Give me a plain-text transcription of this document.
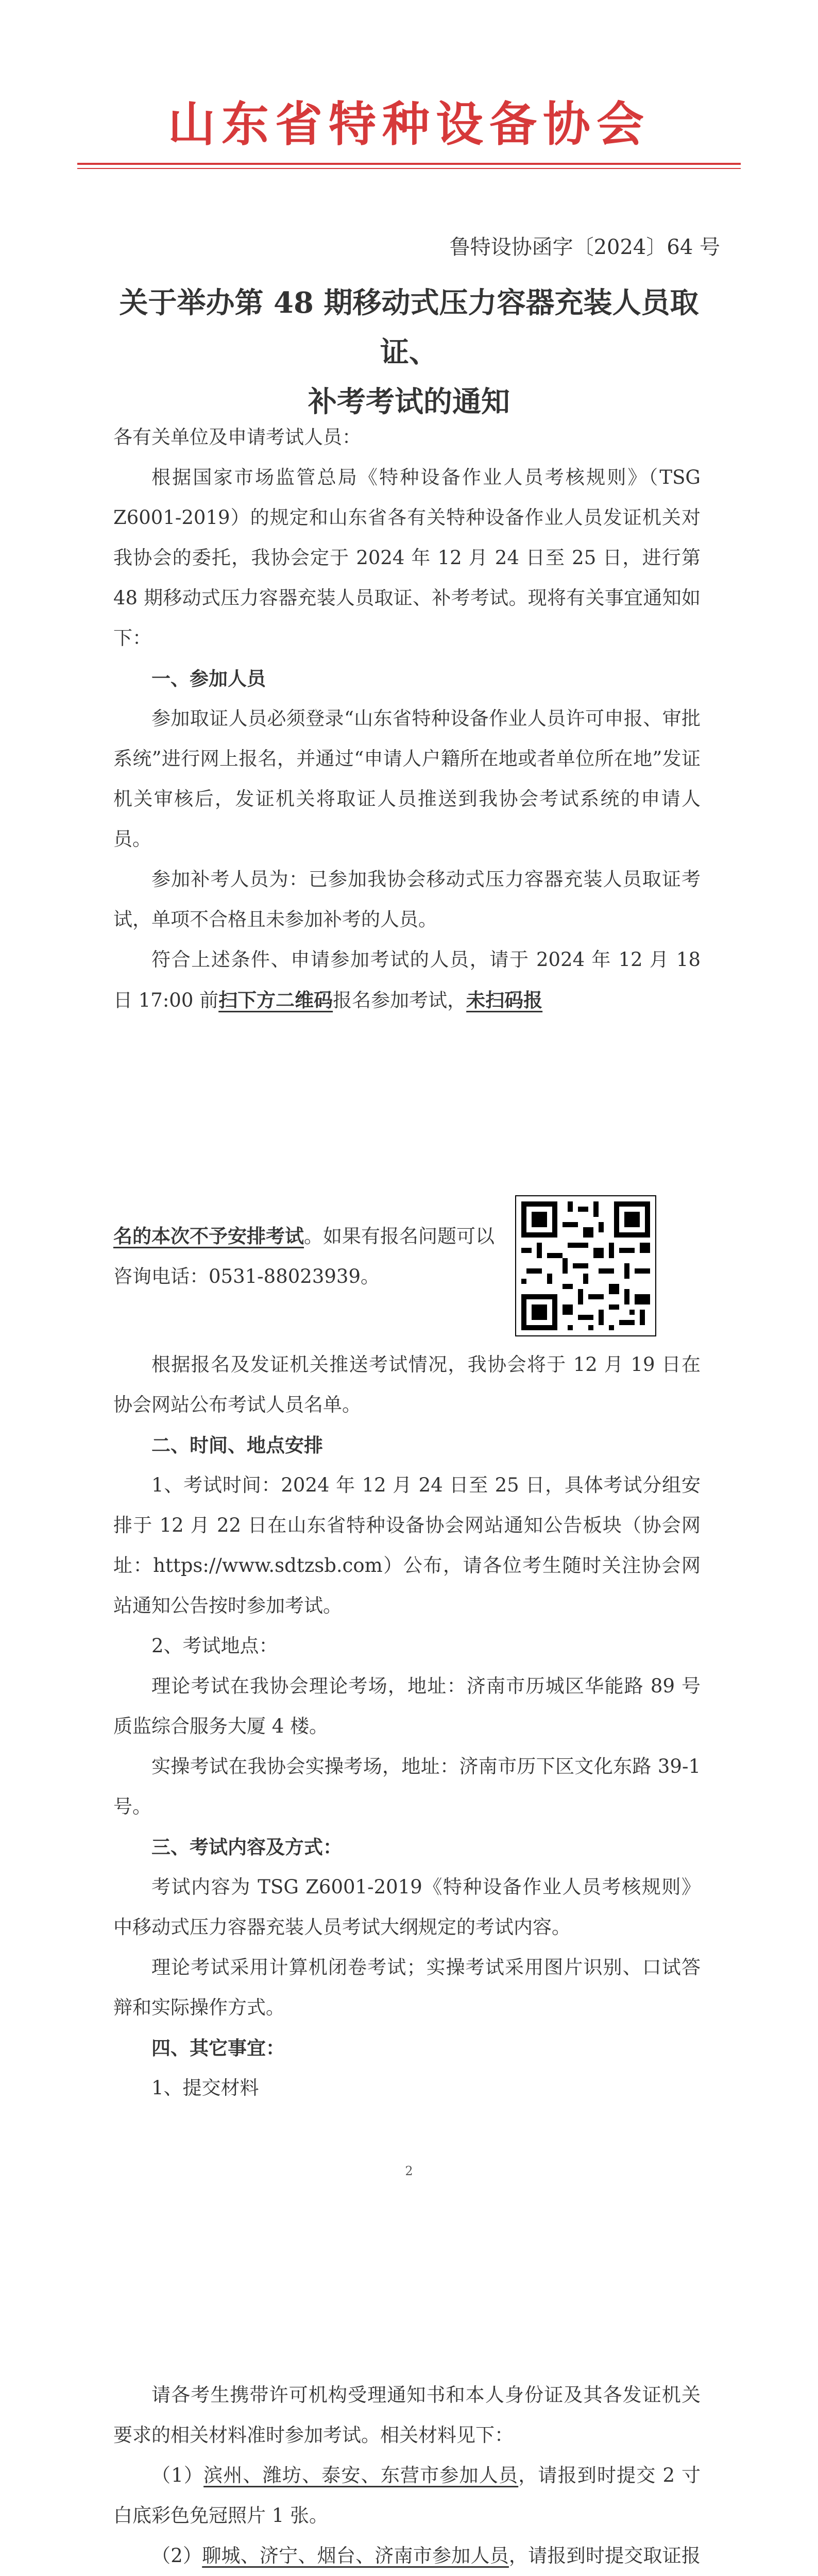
山东省特种设备协会
鲁特设协函字〔2024〕64 号
关于举办第 48 期移动式压力容器充装人员取证、
补考考试的通知
各有关单位及申请考试人员：
根据国家市场监管总局《特种设备作业人员考核规则》（TSG Z6001-2019）的规定和山东省各有关特种设备作业人员发证机关对我协会的委托，我协会定于 2024 年 12 月 24 日至 25 日，进行第 48 期移动式压力容器充装人员取证、补考考试。现将有关事宜通知如下：
一、参加人员
参加取证人员必须登录“山东省特种设备作业人员许可申报、审批系统”进行网上报名，并通过“申请人户籍所在地或者单位所在地”发证机关审核后，发证机关将取证人员推送到我协会考试系统的申请人员。
参加补考人员为：已参加我协会移动式压力容器充装人员取证考试，单项不合格且未参加补考的人员。
符合上述条件、申请参加考试的人员，请于 2024 年 12 月 18 日 17:00 前扫下方二维码报名参加考试，未扫码报
名的本次不予安排考试。如果有报名问题可以咨询电话：0531-88023939。
根据报名及发证机关推送考试情况，我协会将于 12 月 19 日在协会网站公布考试人员名单。
二、时间、地点安排
1、考试时间：2024 年 12 月 24 日至 25 日，具体考试分组安排于 12 月 22 日在山东省特种设备协会网站通知公告板块（协会网址：https://www.sdtzsb.com）公布，请各位考生随时关注协会网站通知公告按时参加考试。
2、考试地点：
理论考试在我协会理论考场，地址：济南市历城区华能路 89 号质监综合服务大厦 4 楼。
实操考试在我协会实操考场，地址：济南市历下区文化东路 39-1 号。
三、考试内容及方式：
考试内容为 TSG Z6001-2019《特种设备作业人员考核规则》中移动式压力容器充装人员考试大纲规定的考试内容。
理论考试采用计算机闭卷考试；实操考试采用图片识别、口试答辩和实际操作方式。
四、其它事宜：
1、提交材料
2
请各考生携带许可机构受理通知书和本人身份证及其各发证机关要求的相关材料准时参加考试。相关材料见下：
（1）滨州、潍坊、泰安、东营市参加人员，请报到时提交 2 寸白底彩色免冠照片 1 张。
（2）聊城、济宁、烟台、济南市参加人员，请报到时提交取证报
